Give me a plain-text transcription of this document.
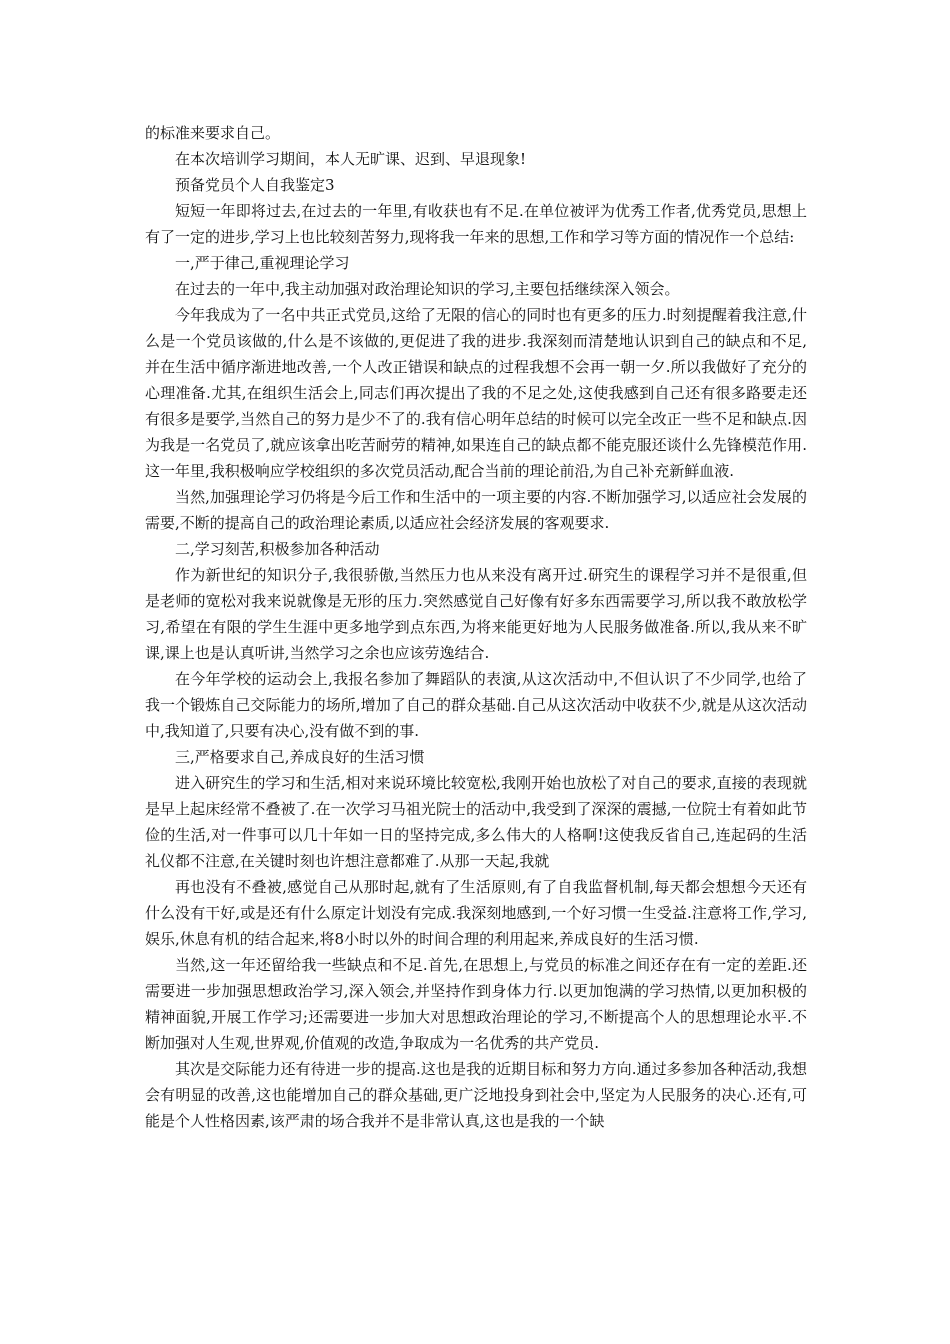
的标准来要求自己。

在本次培训学习期间，本人无旷课、迟到、早退现象!

预备党员个人自我鉴定3

短短一年即将过去,在过去的一年里,有收获也有不足.在单位被评为优秀工作者,优秀党员,思想上有了一定的进步,学习上也比较刻苦努力,现将我一年来的思想,工作和学习等方面的情况作一个总结:

一,严于律己,重视理论学习

在过去的一年中,我主动加强对政治理论知识的学习,主要包括继续深入领会。

今年我成为了一名中共正式党员,这给了无限的信心的同时也有更多的压力.时刻提醒着我注意,什么是一个党员该做的,什么是不该做的,更促进了我的进步.我深刻而清楚地认识到自己的缺点和不足,并在生活中循序渐进地改善,一个人改正错误和缺点的过程我想不会再一朝一夕.所以我做好了充分的心理准备.尤其,在组织生活会上,同志们再次提出了我的不足之处,这使我感到自己还有很多路要走还有很多是要学,当然自己的努力是少不了的.我有信心明年总结的时候可以完全改正一些不足和缺点.因为我是一名党员了,就应该拿出吃苦耐劳的精神,如果连自己的缺点都不能克服还谈什么先锋模范作用.这一年里,我积极响应学校组织的多次党员活动,配合当前的理论前沿,为自己补充新鲜血液.

当然,加强理论学习仍将是今后工作和生活中的一项主要的内容.不断加强学习,以适应社会发展的需要,不断的提高自己的政治理论素质,以适应社会经济发展的客观要求.

二,学习刻苦,积极参加各种活动

作为新世纪的知识分子,我很骄傲,当然压力也从来没有离开过.研究生的课程学习并不是很重,但是老师的宽松对我来说就像是无形的压力.突然感觉自己好像有好多东西需要学习,所以我不敢放松学习,希望在有限的学生生涯中更多地学到点东西,为将来能更好地为人民服务做准备.所以,我从来不旷课,课上也是认真听讲,当然学习之余也应该劳逸结合.

在今年学校的运动会上,我报名参加了舞蹈队的表演,从这次活动中,不但认识了不少同学,也给了我一个锻炼自己交际能力的场所,增加了自己的群众基础.自己从这次活动中收获不少,就是从这次活动中,我知道了,只要有决心,没有做不到的事.

三,严格要求自己,养成良好的生活习惯

进入研究生的学习和生活,相对来说环境比较宽松,我刚开始也放松了对自己的要求,直接的表现就是早上起床经常不叠被了.在一次学习马祖光院士的活动中,我受到了深深的震撼,一位院士有着如此节俭的生活,对一件事可以几十年如一日的坚持完成,多么伟大的人格啊!这使我反省自己,连起码的生活礼仪都不注意,在关键时刻也许想注意都难了.从那一天起,我就

再也没有不叠被,感觉自己从那时起,就有了生活原则,有了自我监督机制,每天都会想想今天还有什么没有干好,或是还有什么原定计划没有完成.我深刻地感到,一个好习惯一生受益.注意将工作,学习,娱乐,休息有机的结合起来,将8小时以外的时间合理的利用起来,养成良好的生活习惯.

当然,这一年还留给我一些缺点和不足.首先,在思想上,与党员的标准之间还存在有一定的差距.还需要进一步加强思想政治学习,深入领会,并坚持作到身体力行.以更加饱满的学习热情,以更加积极的精神面貌,开展工作学习;还需要进一步加大对思想政治理论的学习,不断提高个人的思想理论水平.不断加强对人生观,世界观,价值观的改造,争取成为一名优秀的共产党员.

其次是交际能力还有待进一步的提高.这也是我的近期目标和努力方向.通过多参加各种活动,我想会有明显的改善,这也能增加自己的群众基础,更广泛地投身到社会中,坚定为人民服务的决心.还有,可能是个人性格因素,该严肃的场合我并不是非常认真,这也是我的一个缺
